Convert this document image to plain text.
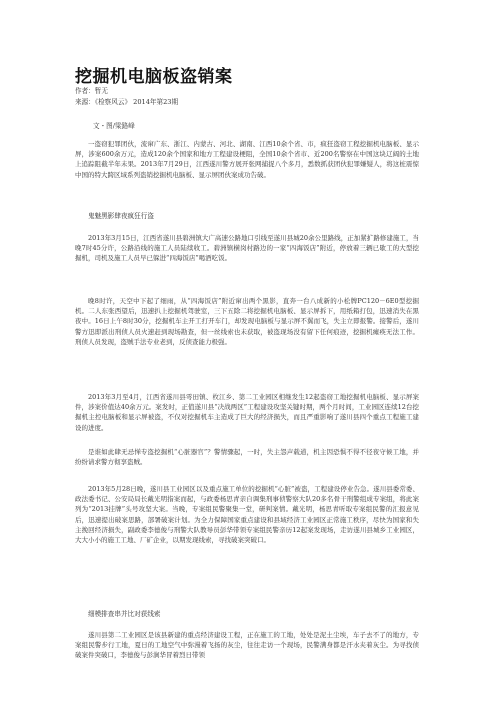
挖掘机电脑板盗销案
作者：暂无
来源：《检察风云》 2014年第23期
文・图/梁路峰

一盗窃犯罪团伙，流窜广东、浙江、内蒙古、河北、湖南、江西10余个省、市，疯狂盗窃工程挖掘机电脑板、显示屏，涉案600余万元，造成120余个国家和地方工程建设梗阻，全国10余个省市、近200名警察在中国这块辽阔的土地上追踪阻截半年未果。2013年7月29日，江西遂川警方展开张网捕捉八个多月，悉数抓获团伙犯罪嫌疑人，将这桩震惊中国的特大跨区域系列盗销挖掘机电脑板、显示屏团伙案成功告破。

鬼魅黑影肆夜疯狂行盗

2013年3月15日，江西省遂川县碧洲镇大广高速公路地口引线至遂川县城20余公里路线，正加紧扩路修建施工，当晚7时45分许，公路沿线的施工人员陆续收工。碧洲镇横岗村路边的一家“四海饭店”附近，停放着三辆已歇工的大型挖掘机，司机及施工人员早已躲进“四海饭店”喝酒吃饭。

晚8时许，天空中下起了细雨，从“四海饭店”附近窜出两个黑影，直奔一台八成新的小松牌PC120－6E0型挖掘机。二人东张西望后，迅速扒上挖掘机驾驶室，三下五除二将挖掘机电脑板、显示屏拆下，用纸箱打包，迅速消失在黑夜中。16日上午8时30分，挖掘机车主开工打开车门，却发现电脑板与显示屏不翼而飞，失主立即报警。接警后，遂川警方迅即派出刑侦人员火速赶到现场勘查，但一丝线索也未获取，被盗现场没有留下任何痕迹，挖掘机瘫痪无法工作。刑侦人员发现，盗贼手法专业老到，反侦查能力极强。

2013年3月至4月，江西省遂川县雩田镇、枚江乡、第二工业园区相继发生12起盗窃工地挖掘机电脑板、显示屏案件，涉案价值达40余万元。案发时，正值遂川县“决战两区”工程建设攻坚关键时期，两个月时间，工业园区连续12台挖掘机主控电脑板和显示屏被盗，不仅对挖掘机车主造成了巨大的经济损失，而且严重影响了遂川县四个重点工程施工建设的进度。

是谁如此肆无忌惮专盗挖掘机“心脏器官”？警情骤起，一时，失主怨声载道，机主因恐惧不得不径夜守候工地，并纷纷请求警方彻享盗贼。

2013年5月28日晚，遂川县工业园区以及重点施工单位的挖掘机“心脏”被盗，工程建设停业告急。遂川县委常委、政法委书记、公安局局长戴光明指案而起，与政委杨思青亲自调集刑事侦警察大队20多名骨干刑警组成专案组，将此案列为“2013挂牌”头号攻坚大案。当晚，专案组民警聚集一堂，研判案情。戴光明，杨思青听取专案组民警的汇报意见后，迅速提出破案思路，部署破案计划。为全力保障国家重点建设和县域经济工业园区正常施工秩序，尽快为国家和失主挽回经济损失，副政委李德俊与刑警大队教导员彭华带领专案组民警亲历12起案发现场，走访遂川县城乡工业园区，大大小小的施工工地、厂矿企业，以期发现线索，寻找破案突破口。

细模排查串并比对获线索

遂川县第二工业园区是该县新建的重点经济建设工程，正在施工的工地，处处是泥土尘埃，车子去不了的地方，专案组民警步行工地，夏日的工地空气中弥漫着飞扬的灰尘，往往走访一个现场，民警满身都是汗水夹着灰尘。为寻找侦破案件突破口，李德俊与彭涧华冒着烈日带领
